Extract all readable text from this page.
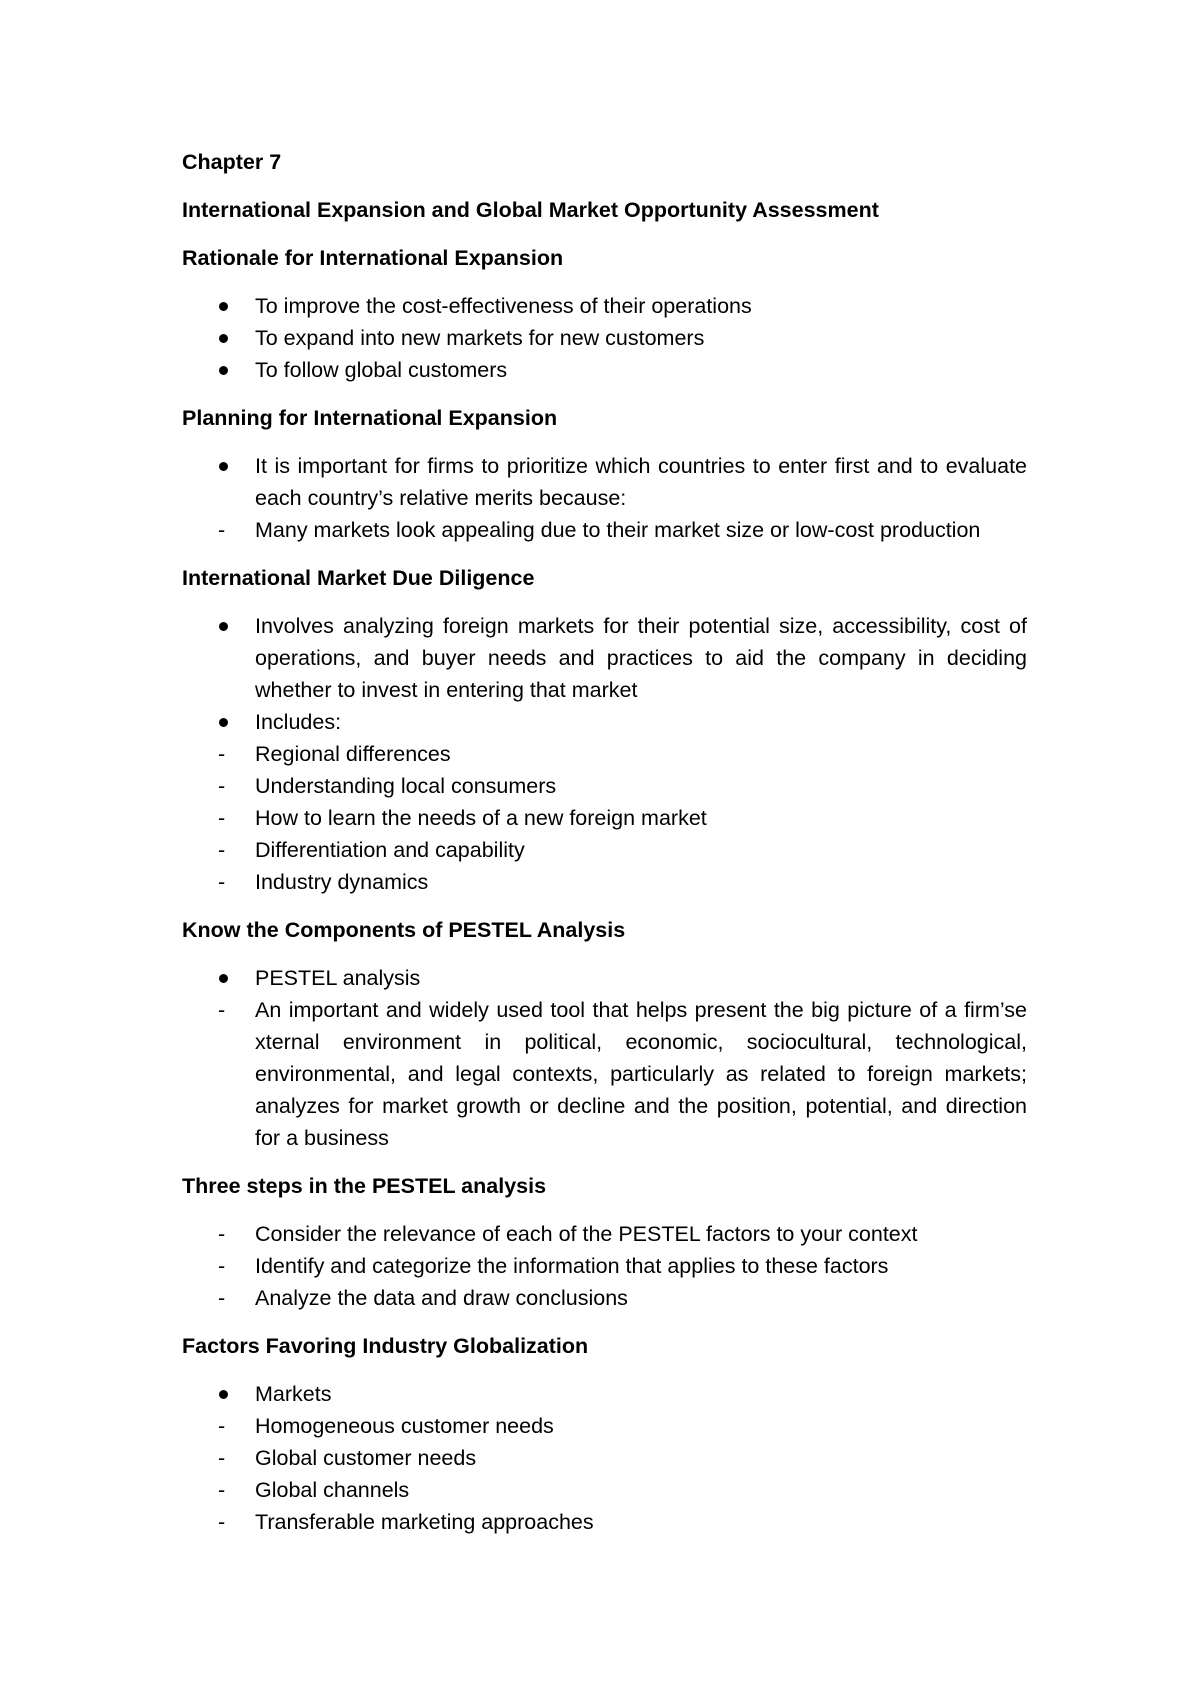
Chapter 7

International Expansion and Global Market Opportunity Assessment

Rationale for International Expansion

To improve the cost-effectiveness of their operations
To expand into new markets for new customers
To follow global customers

Planning for International Expansion

It is important for firms to prioritize which countries to enter first and to evaluate each country’s relative merits because:
-	Many markets look appealing due to their market size or low-cost production

International Market Due Diligence

Involves analyzing foreign markets for their potential size, accessibility, cost of operations, and buyer needs and practices to aid the company in deciding whether to invest in entering that market
Includes:
-	Regional differences
-	Understanding local consumers
-	How to learn the needs of a new foreign market
-	Differentiation and capability
-	Industry dynamics

Know the Components of PESTEL Analysis

PESTEL analysis
-	An important and widely used tool that helps present the big picture of a firm’se xternal environment in political, economic, sociocultural, technological, environmental, and legal contexts, particularly as related to foreign markets; analyzes for market growth or decline and the position, potential, and direction for a business

Three steps in the PESTEL analysis

-	Consider the relevance of each of the PESTEL factors to your context
-	Identify and categorize the information that applies to these factors
-	Analyze the data and draw conclusions

Factors Favoring Industry Globalization

Markets
-	Homogeneous customer needs
-	Global customer needs
-	Global channels
-	Transferable marketing approaches
